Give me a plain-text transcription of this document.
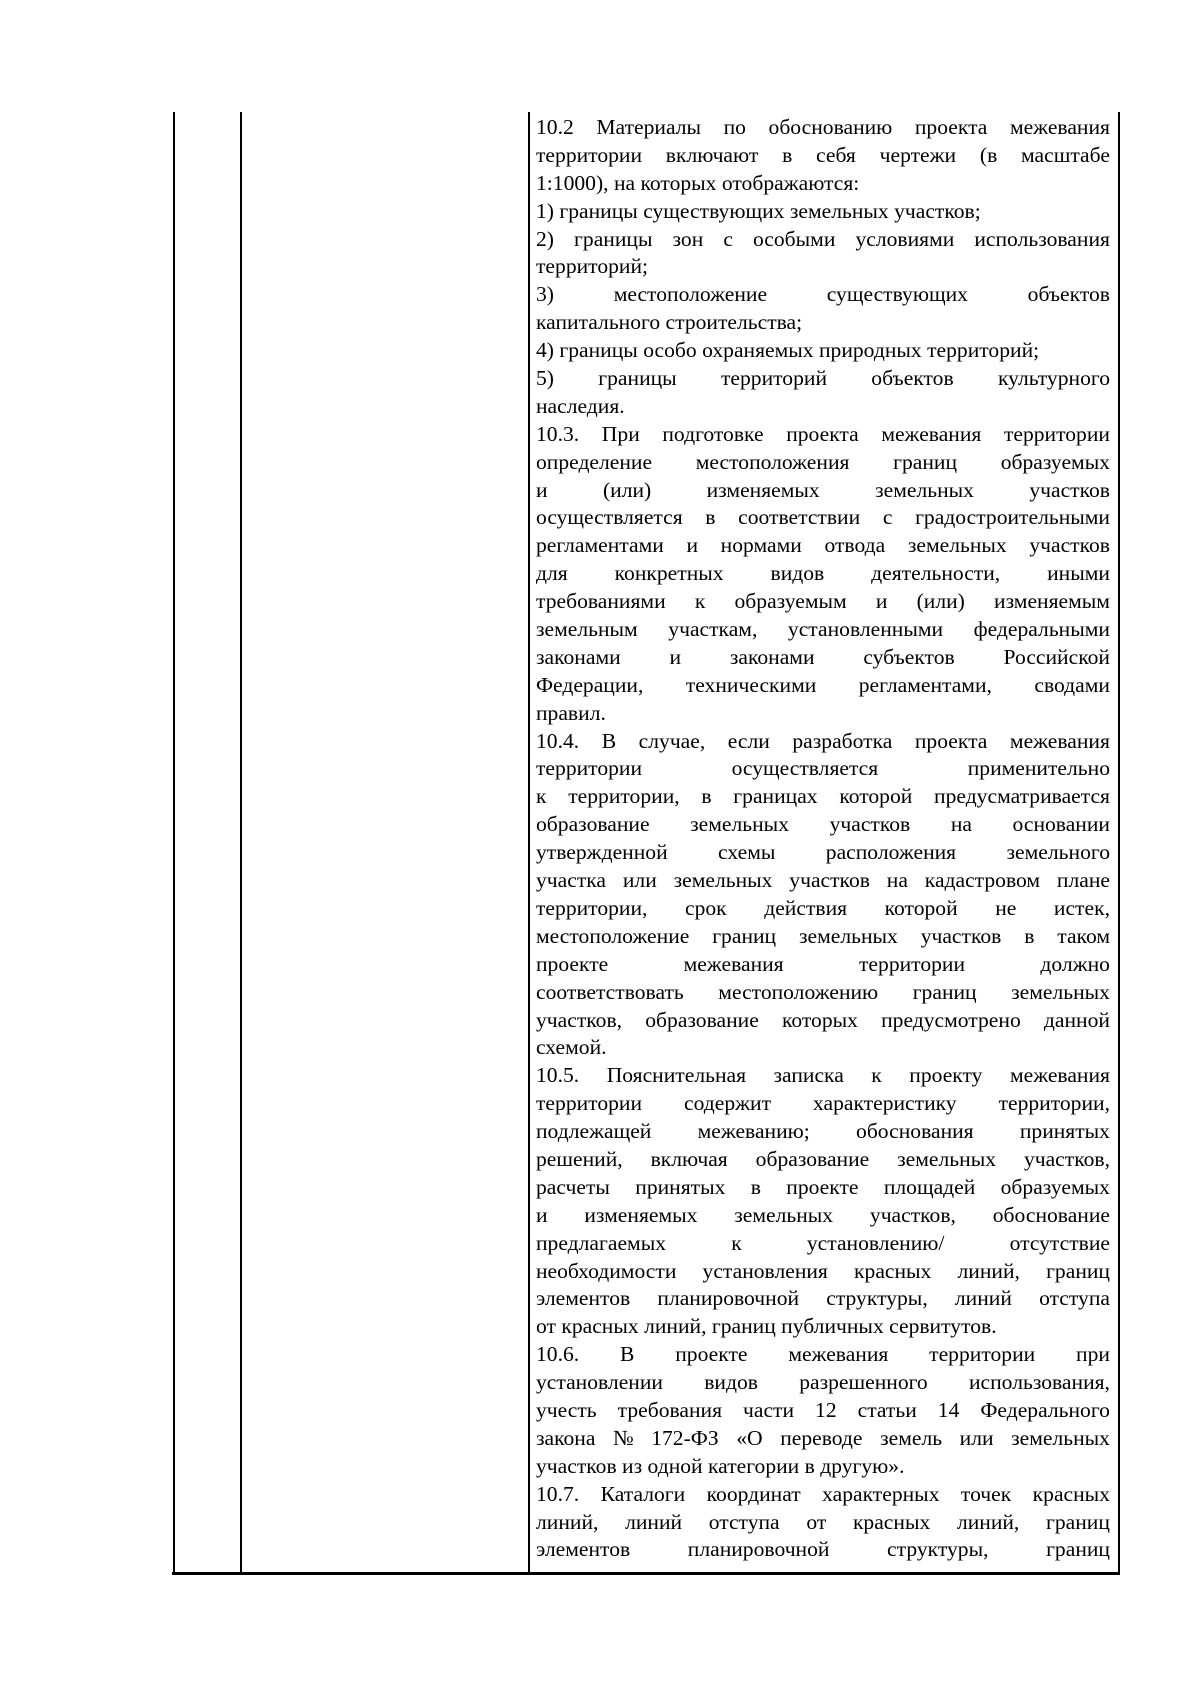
10.2 Материалы по обоснованию проекта межевания
территории включают в себя чертежи (в масштабе
1:1000), на которых отображаются:
1) границы существующих земельных участков;
2) границы зон с особыми условиями использования
территорий;
3)	местоположение	существующих	объектов
капитального строительства;
4) границы особо охраняемых природных территорий;
5) границы территорий объектов культурного
наследия.
10.3. При подготовке проекта межевания территории
определение местоположения границ образуемых
и	(или)	изменяемых	земельных	участков
осуществляется в соответствии с градостроительными
регламентами и нормами отвода земельных участков
для конкретных видов деятельности, иными
требованиями к образуемым и (или) изменяемым
земельным участкам, установленными федеральными
законами и законами субъектов Российской
Федерации, техническими регламентами, сводами
правил.
10.4. В случае, если разработка проекта межевания
территории	осуществляется	применительно
к территории, в границах которой предусматривается
образование земельных участков на основании
утвержденной схемы расположения земельного
участка или земельных участков на кадастровом плане
территории, срок действия которой не истек,
местоположение границ земельных участков в таком
проекте	межевания	территории	должно
соответствовать местоположению границ земельных
участков, образование которых предусмотрено данной
схемой.
10.5. Пояснительная записка к проекту межевания
территории содержит характеристику территории,
подлежащей межеванию; обоснования принятых
решений, включая образование земельных участков,
расчеты принятых в проекте площадей образуемых
и изменяемых земельных участков, обоснование
предлагаемых	к	установлению/	отсутствие
необходимости установления красных линий, границ
элементов планировочной структуры, линий отступа
от красных линий, границ публичных сервитутов.
10.6. В проекте межевания территории при
установлении видов разрешенного использования,
учесть требования части 12 статьи 14 Федерального
закона № 172-ФЗ «О переводе земель или земельных
участков из одной категории в другую».
10.7. Каталоги координат характерных точек красных
линий, линий отступа от красных линий, границ
элементов	планировочной	структуры,	границ
